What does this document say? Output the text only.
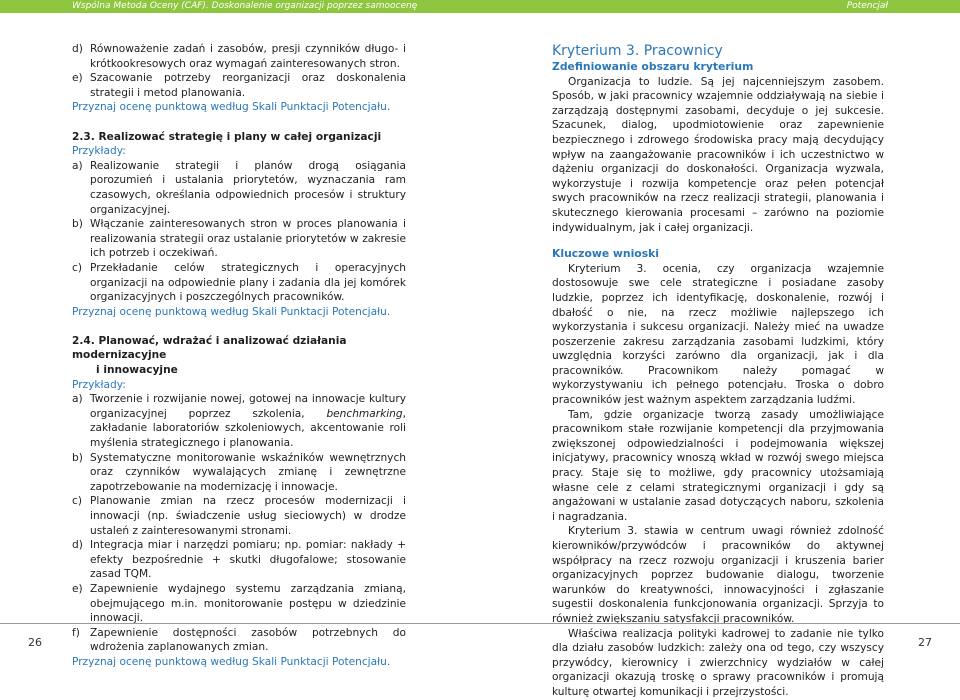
Wspólna Metoda Oceny (CAF). Doskonalenie organizacji poprzez samoocenę	Potencjał
d) Równoważenie zadań i zasobów, presji czynników długo- i krótkookresowych oraz wymagań zainteresowanych stron.
e) Szacowanie potrzeby reorganizacji oraz doskonalenia strategii i metod planowania.

Przyznaj ocenę punktową według Skali Punktacji Potencjału.

2.3. Realizować strategię i plany w całej organizacji

Przykłady:

a) Realizowanie strategii i planów drogą osiągania porozumień i ustalania priorytetów, wyznaczania ram czasowych, określania odpowiednich procesów i struktury organizacyjnej.
b) Włączanie zainteresowanych stron w proces planowania i realizowania strategii oraz ustalanie priorytetów w zakresie ich potrzeb i oczekiwań.
c) Przekładanie celów strategicznych i operacyjnych organizacji na odpowiednie plany i zadania dla jej komórek organizacyjnych i poszczególnych pracowników.

Przyznaj ocenę punktową według Skali Punktacji Potencjału.

2.4. Planować, wdrażać i analizować działania modernizacyjne

i innowacyjne

Przykłady:

a) Tworzenie i rozwijanie nowej, gotowej na innowacje kultury organizacyjnej poprzez szkolenia, benchmarking, zakładanie laboratoriów szkoleniowych, akcentowanie roli myślenia strategicznego i planowania.
b) Systematyczne monitorowanie wskaźników wewnętrznych oraz czynników wywalających zmianę i zewnętrzne zapotrzebowanie na modernizację i innowacje.
c) Planowanie zmian na rzecz procesów modernizacji i innowacji (np. świadczenie usług sieciowych) w drodze ustaleń z zainteresowanymi stronami.
d) Integracja miar i narzędzi pomiaru; np. pomiar: nakłady + efekty bezpośrednie + skutki długofalowe; stosowanie zasad TQM.
e) Zapewnienie wydajnego systemu zarządzania zmianą, obejmującego m.in. monitorowanie postępu w dziedzinie innowacji.
f) Zapewnienie dostępności zasobów potrzebnych do wdrożenia zaplanowanych zmian.

Przyznaj ocenę punktową według Skali Punktacji Potencjału.

Kryterium 3. Pracownicy

Zdefiniowanie obszaru kryterium

Organizacja to ludzie. Są jej najcenniejszym zasobem. Sposób, w jaki pracownicy wzajemnie oddziaływają na siebie i zarządzają dostępnymi zasobami, decyduje o jej sukcesie. Szacunek, dialog, upodmiotowienie oraz zapewnienie bezpiecznego i zdrowego środowiska pracy mają decydujący wpływ na zaangażowanie pracowników i ich uczestnictwo w dążeniu organizacji do doskonałości. Organizacja wyzwala, wykorzystuje i rozwija kompetencje oraz pełen potencjał swych pracowników na rzecz realizacji strategii, planowania i skutecznego kierowania procesami – zarówno na poziomie indywidualnym, jak i całej organizacji.

Kluczowe wnioski

Kryterium 3. ocenia, czy organizacja wzajemnie dostosowuje swe cele strategiczne i posiadane zasoby ludzkie, poprzez ich identyfikację, doskonalenie, rozwój i dbałość o nie, na rzecz możliwie najlepszego ich wykorzystania i sukcesu organizacji. Należy mieć na uwadze poszerzenie zakresu zarządzania zasobami ludzkimi, który uwzględnia korzyści zarówno dla organizacji, jak i dla pracowników. Pracownikom należy pomagać w wykorzystywaniu ich pełnego potencjału. Troska o dobro pracowników jest ważnym aspektem zarządzania ludźmi.

Tam, gdzie organizacje tworzą zasady umożliwiające pracownikom stałe rozwijanie kompetencji dla przyjmowania zwiększonej odpowiedzialności i podejmowania większej inicjatywy, pracownicy wnoszą wkład w rozwój swego miejsca pracy. Staje się to możliwe, gdy pracownicy utożsamiają własne cele z celami strategicznymi organizacji i gdy są angażowani w ustalanie zasad dotyczących naboru, szkolenia i nagradzania.

Kryterium 3. stawia w centrum uwagi również zdolność kierowników/przywódców i pracowników do aktywnej współpracy na rzecz rozwoju organizacji i kruszenia barier organizacyjnych poprzez budowanie dialogu, tworzenie warunków do kreatywności, innowacyjności i zgłaszanie sugestii doskonalenia funkcjonowania organizacji. Sprzyja to również zwiększaniu satysfakcji pracowników.

Właściwa realizacja polityki kadrowej to zadanie nie tylko dla działu zasobów ludzkich: zależy ona od tego, czy wszyscy przywódcy, kierownicy i zwierzchnicy wydziałów w całej organizacji okazują troskę o sprawy pracowników i promują kulturę otwartej komunikacji i przejrzystości.

26	27
